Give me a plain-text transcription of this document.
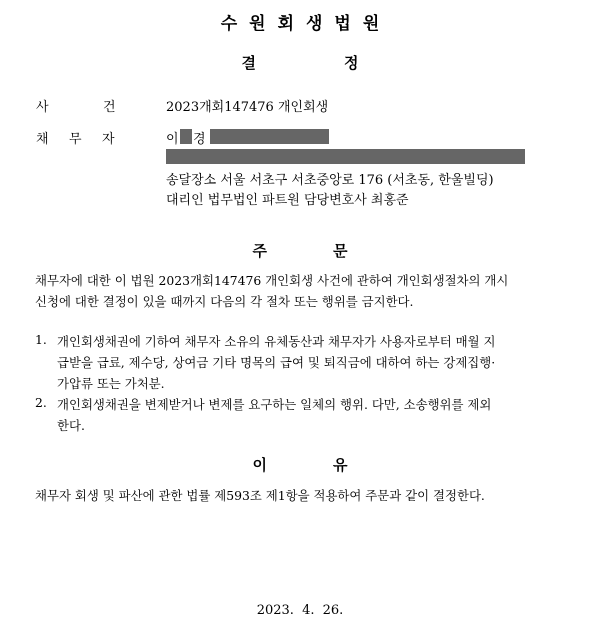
수원회생법원
결	정
사	건	2023개회147476 개인회생
채 무 자	이 경
송달장소 서울 서초구 서초중앙로 176 (서초동, 한울빌딩)
대리인 법무법인 파트원 담당변호사 최홍준
주	문
채무자에 대한 이 법원 2023개회147476 개인회생 사건에 관하여 개인회생절차의 개시
신청에 대한 결정이 있을 때까지 다음의 각 절차 또는 행위를 금지한다.
1. 개인회생채권에 기하여 채무자 소유의 유체동산과 채무자가 사용자로부터 매월 지
급받을 급료, 제수당, 상여금 기타 명목의 급여 및 퇴직금에 대하여 하는 강제집행·
가압류 또는 가처분.
2. 개인회생채권을 변제받거나 변제를 요구하는 일체의 행위. 다만, 소송행위를 제외
한다.
이	유
채무자 회생 및 파산에 관한 법률 제593조 제1항을 적용하여 주문과 같이 결정한다.
2023. 4. 26.
